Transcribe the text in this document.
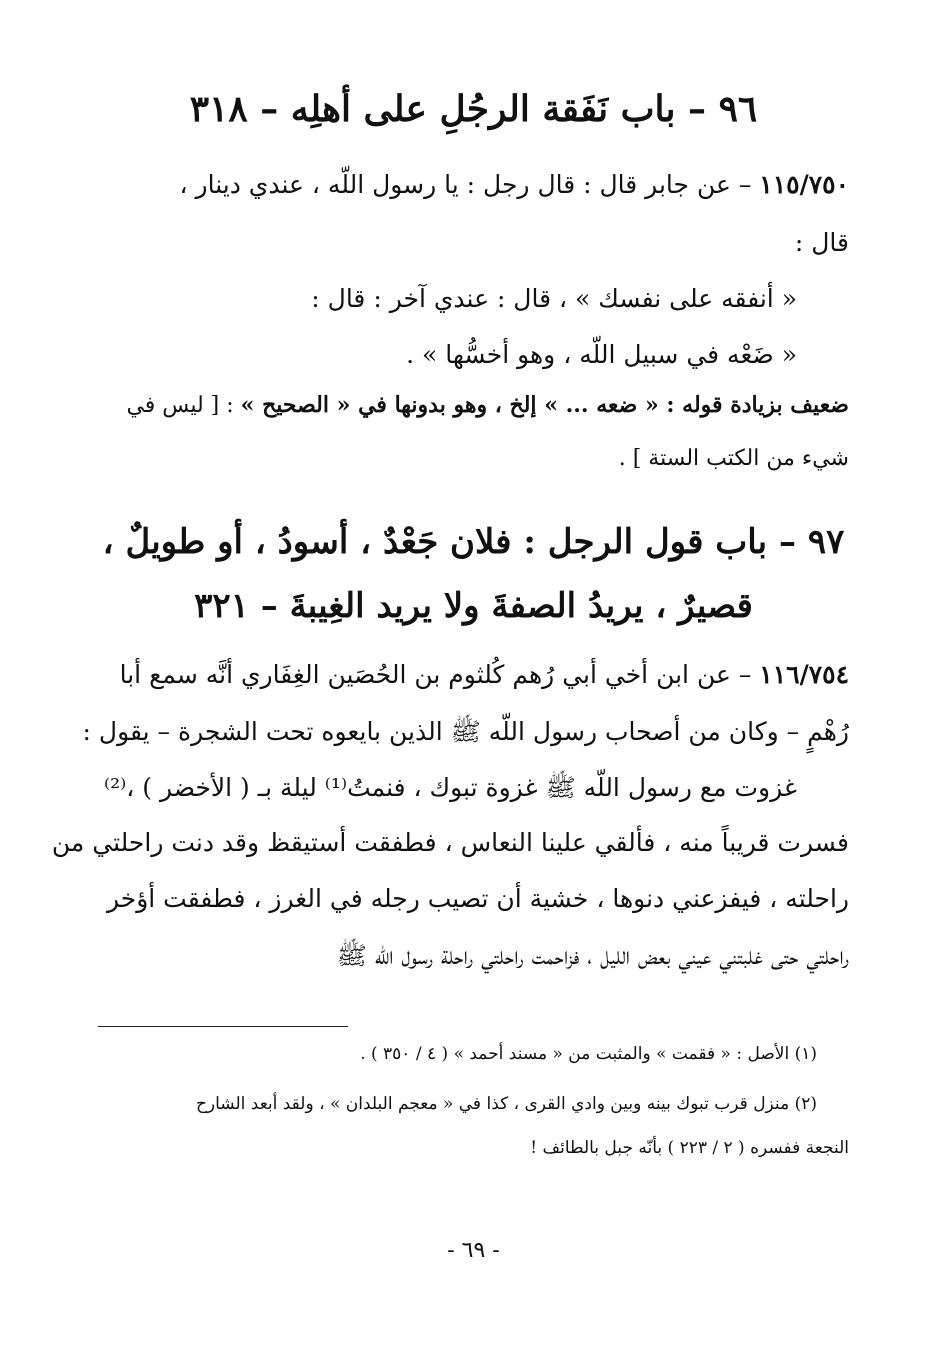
٩٦ – باب نَفَقة الرجُلِ على أهلِه – ٣١٨
١١٥/٧٥٠ – عن جابر قال : قال رجل : يا رسول اللّه ، عندي دينار ،
قال :
« أنفقه على نفسك » ، قال : عندي آخر : قال :
« ضَعْه في سبيل اللّه ، وهو أخسُّها » .
ضعيف بزيادة قوله : « ضعه ... » إلخ ، وهو بدونها في « الصحيح » : [ ليس في
شيء من الكتب الستة ] .
٩٧ – باب قول الرجل : فلان جَعْدٌ ، أسودُ ، أو طويلٌ ،
قصيرٌ ، يريدُ الصفةَ ولا يريد الغِيبةَ – ٣٢١
١١٦/٧٥٤ – عن ابن أخي أبي رُهم كُلثوم بن الحُصَين الغِفَاري أنَّه سمع أبا
رُهْمٍ – وكان من أصحاب رسول اللّه ﷺ الذين بايعوه تحت الشجرة – يقول :
غزوت مع رسول اللّه ﷺ غزوة تبوك ، فنمتُ⁽¹⁾ ليلة بـ ( الأخضر ) ،⁽²⁾
فسرت قريباً منه ، فألقي علينا النعاس ، فطفقت أستيقظ وقد دنت راحلتي من
راحلته ، فيفزعني دنوها ، خشية أن تصيب رجله في الغرز ، فطفقت أؤخر
راحلتي حتى غلبتني عيني بعض الليل ، فزاحمت راحلتي راحلة رسول اللّه ﷺ
(١) الأصل : « فقمت » والمثبت من « مسند أحمد » ( ٤ / ٣٥٠ ) .
(٢) منزل قرب تبوك بينه وبين وادي القرى ، كذا في « معجم البلدان » ، ولقد أبعد الشارح
النجعة ففسره ( ٢ / ٢٢٣ ) بأنّه جبل بالطائف !
- ٦٩ -
